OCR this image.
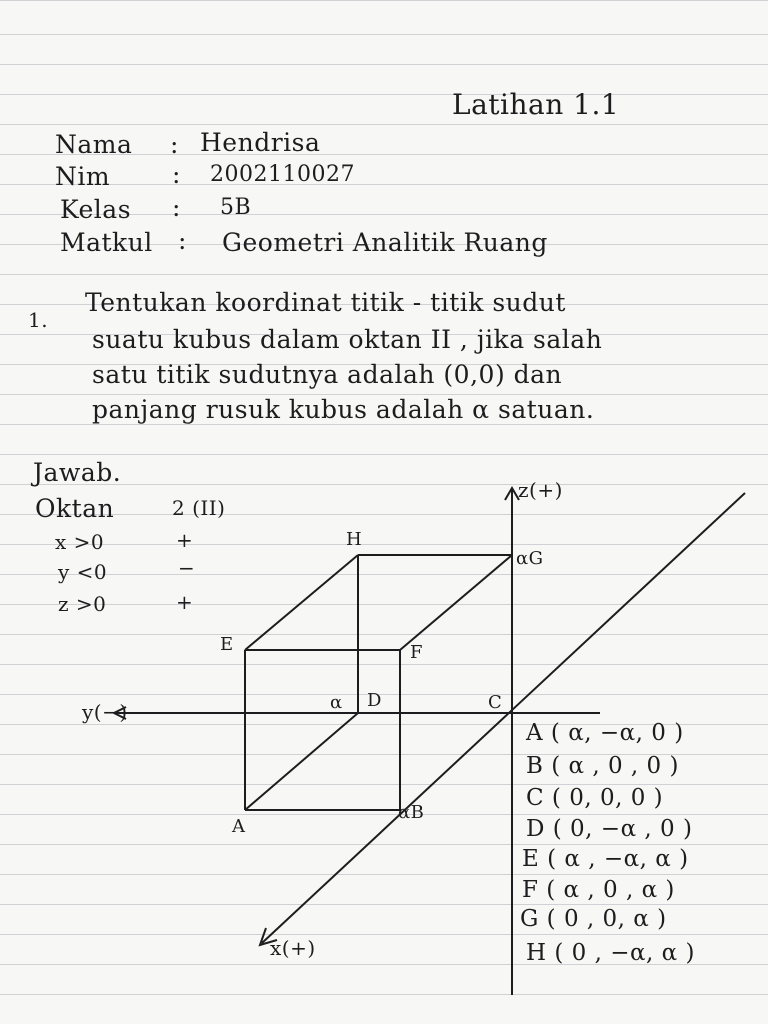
Latihan 1.1
Nama : Hendrisa
Nim : 2002110027
Kelas : 5B
Matkul : Geometri Analitik Ruang
1.
Tentukan koordinat titik - titik sudut
suatu kubus dalam oktan II , jika salah
satu titik sudutnya adalah (0,0) dan
panjang rusuk kubus adalah α satuan.
Jawab.
Oktan	2 (II)
x >0	+
y <0	−
z >0	+
z(+)
y(−)
x(+)
H
αG
E	F
α D	C
A
αB
A ( α, −α, 0 )
B ( α , 0 , 0 )
C ( 0, 0, 0 )
D ( 0, −α , 0 )
E ( α , −α, α )
F ( α , 0 , α )
G ( 0 , 0, α )
H ( 0 , −α, α )
